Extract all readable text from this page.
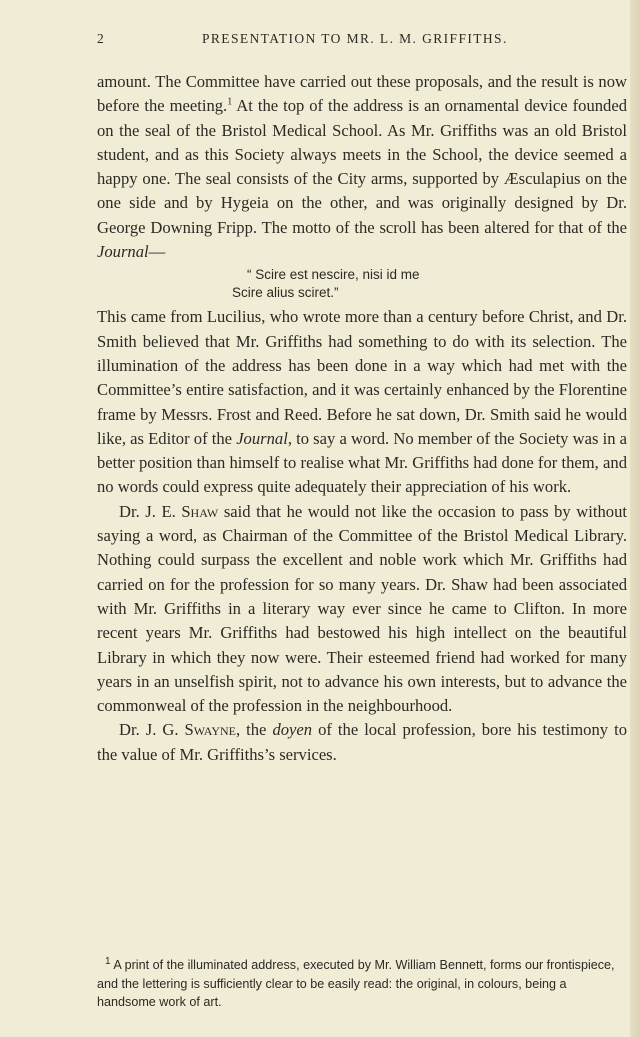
2	PRESENTATION TO MR. L. M. GRIFFITHS.

amount. The Committee have carried out these proposals, and the result is now before the meeting.$^1$ At the top of the address is an ornamental device founded on the seal of the Bristol Medical School. As Mr. Griffiths was an old Bristol student, and as this Society always meets in the School, the device seemed a happy one. The seal consists of the City arms, supported by Æsculapius on the one side and by Hygeia on the other, and was originally designed by Dr. George Downing Fripp. The motto of the scroll has been altered for that of the Journal—

“ Scire est nescire, nisi id me
Scire alius sciret.”

This came from Lucilius, who wrote more than a century before Christ, and Dr. Smith believed that Mr. Griffiths had something to do with its selection. The illumination of the address has been done in a way which had met with the Committee’s entire satisfaction, and it was certainly enhanced by the Florentine frame by Messrs. Frost and Reed. Before he sat down, Dr. Smith said he would like, as Editor of the Journal, to say a word. No member of the Society was in a better position than himself to realise what Mr. Griffiths had done for them, and no words could express quite adequately their appreciation of his work.

Dr. J. E. Shaw said that he would not like the occasion to pass by without saying a word, as Chairman of the Committee of the Bristol Medical Library. Nothing could surpass the excellent and noble work which Mr. Griffiths had carried on for the profession for so many years. Dr. Shaw had been associated with Mr. Griffiths in a literary way ever since he came to Clifton. In more recent years Mr. Griffiths had bestowed his high intellect on the beautiful Library in which they now were. Their esteemed friend had worked for many years in an unselfish spirit, not to advance his own interests, but to advance the commonweal of the profession in the neighbourhood.

Dr. J. G. Swayne, the doyen of the local profession, bore his testimony to the value of Mr. Griffiths’s services.

$^1$ A print of the illuminated address, executed by Mr. William Bennett, forms our frontispiece, and the lettering is sufficiently clear to be easily read: the original, in colours, being a handsome work of art.
